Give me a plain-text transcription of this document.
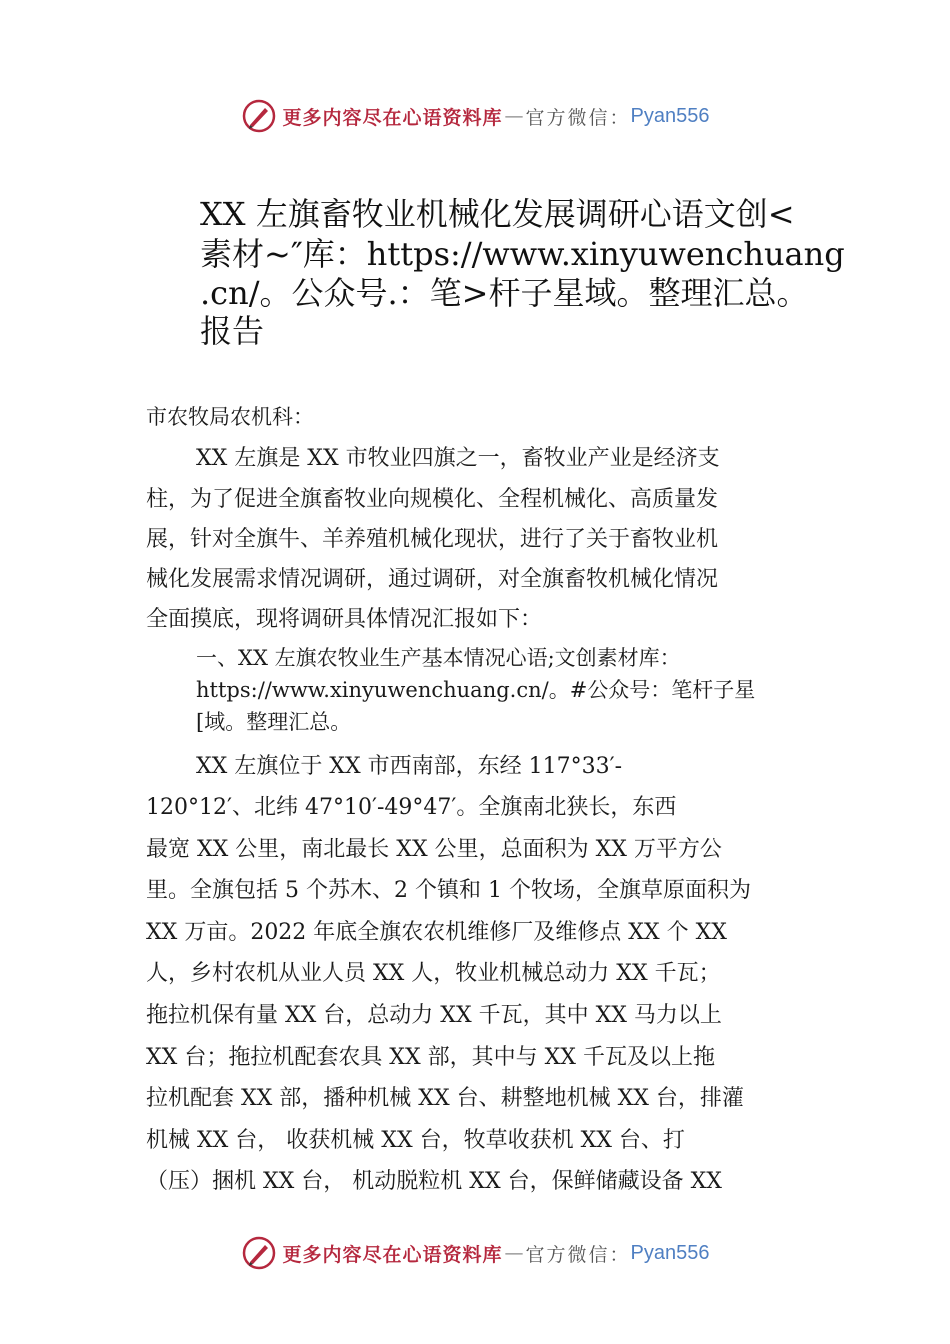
更多内容尽在心语资料库 — 官方微信： Pyan556
XX 左旗畜牧业机械化发展调研心语文创<
素材~″库：https://www.xinyuwenchuang
.cn/。公众号.：笔>杆子星域。整理汇总。
报告
市农牧局农机科：
XX 左旗是 XX 市牧业四旗之一，畜牧业产业是经济支
柱，为了促进全旗畜牧业向规模化、全程机械化、高质量发
展，针对全旗牛、羊养殖机械化现状，进行了关于畜牧业机
械化发展需求情况调研，通过调研，对全旗畜牧机械化情况
全面摸底，现将调研具体情况汇报如下：
一、XX 左旗农牧业生产基本情况心语;文创素材库：
https://www.xinyuwenchuang.cn/。#公众号：笔杆子星
[域。整理汇总。
XX 左旗位于 XX 市西南部，东经 117°33′-
120°12′、北纬 47°10′-49°47′。全旗南北狭长，东西
最宽 XX 公里，南北最长 XX 公里，总面积为 XX 万平方公
里。全旗包括 5 个苏木、2 个镇和 1 个牧场，全旗草原面积为
XX 万亩。2022 年底全旗农农机维修厂及维修点 XX 个 XX
人，乡村农机从业人员 XX 人，牧业机械总动力 XX 千瓦；
拖拉机保有量 XX 台，总动力 XX 千瓦，其中 XX 马力以上
XX 台；拖拉机配套农具 XX 部，其中与 XX 千瓦及以上拖
拉机配套 XX 部，播种机械 XX 台、耕整地机械 XX 台，排灌
机械 XX 台， 收获机械 XX 台，牧草收获机 XX 台、打
（压）捆机 XX 台， 机动脱粒机 XX 台，保鲜储藏设备 XX
更多内容尽在心语资料库 — 官方微信： Pyan556
